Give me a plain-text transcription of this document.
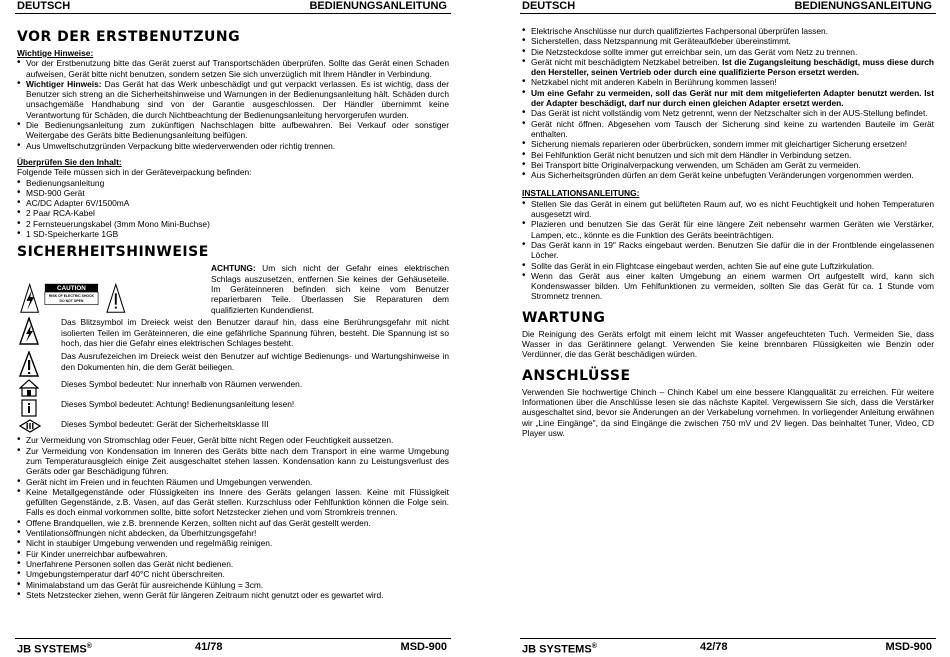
DEUTSCH	BEDIENUNGSANLEITUNG
VOR DER ERSTBENUTZUNG

Wichtige Hinweise:

• Vor der Erstbenutzung bitte das Gerät zuerst auf Transportschäden überprüfen. Sollte das Gerät einen Schaden aufweisen, Gerät bitte nicht benutzen, sondern setzen Sie sich unverzüglich mit Ihrem Händler in Verbindung.
• Wichtiger Hinweis: Das Gerät hat das Werk unbeschädigt und gut verpackt verlassen. Es ist wichtig, dass der Benutzer sich streng an die Sicherheitshinweise und Warnungen in der Bedienungsanleitung hält. Schäden durch unsachgemäße Handhabung sind von der Garantie ausgeschlossen. Der Händler übernimmt keine Verantwortung für Schäden, die durch Nichtbeachtung der Bedienungsanleitung hervorgerufen wurden.
• Die Bedienungsanleitung zum zukünftigen Nachschlagen bitte aufbewahren. Bei Verkauf oder sonstiger Weitergabe des Geräts bitte Bedienungsanleitung beifügen.
• Aus Umweltschutzgründen Verpackung bitte wiederverwenden oder richtig trennen.

Überprüfen Sie den Inhalt:

Folgende Teile müssen sich in der Geräteverpackung befinden:

• Bedienungsanleitung
• MSD-900 Gerät
• AC/DC Adapter 6V/1500mA
• 2 Paar RCA-Kabel
• 2 Fernsteuerungskabel (3mm Mono Mini-Buchse)
• 1 SD-Speicherkarte 1GB
SICHERHEITSHINWEISE
CAUTION
RISK OF ELECTRIC SHOCK
DO NOT OPEN

ACHTUNG: Um sich nicht der Gefahr eines elektrischen Schlags auszusetzen, entfernen Sie keines der Gehäuseteile. Im Geräteinneren befinden sich keine vom Benutzer reparierbaren Teile. Überlassen Sie Reparaturen dem qualifizierten Kundendienst.

Das Blitzsymbol im Dreieck weist den Benutzer darauf hin, dass eine Berührungsgefahr mit nicht isolierten Teilen im Geräteinneren, die eine gefährliche Spannung führen, besteht. Die Spannung ist so hoch, das hier die Gefahr eines elektrischen Schlages besteht.

Das Ausrufezeichen im Dreieck weist den Benutzer auf wichtige Bedienungs- und Wartungshinweise in den Dokumenten hin, die dem Gerät beiliegen.

Dieses Symbol bedeutet: Nur innerhalb von Räumen verwenden.

Dieses Symbol bedeutet: Achtung! Bedienungsanleitung lesen!

Dieses Symbol bedeutet: Gerät der Sicherheitsklasse III

• Zur Vermeidung von Stromschlag oder Feuer, Gerät bitte nicht Regen oder Feuchtigkeit aussetzen.
• Zur Vermeidung von Kondensation im Inneren des Geräts bitte nach dem Transport in eine warme Umgebung zum Temperaturausgleich einige Zeit ausgeschaltet stehen lassen. Kondensation kann zu Leistungsverlust des Geräts oder gar Beschädigung führen.
• Gerät nicht im Freien und in feuchten Räumen und Umgebungen verwenden.
• Keine Metallgegenstände oder Flüssigkeiten ins Innere des Geräts gelangen lassen. Keine mit Flüssigkeit gefüllten Gegenstände, z.B. Vasen, auf das Gerät stellen. Kurzschluss oder Fehlfunktion können die Folge sein. Falls es doch einmal vorkommen sollte, bitte sofort Netzstecker ziehen und vom Stromkreis trennen.
• Offene Brandquellen, wie z.B. brennende Kerzen, sollten nicht auf das Gerät gestellt werden.
• Ventilationsöffnungen nicht abdecken, da Überhitzungsgefahr!
• Nicht in staubiger Umgebung verwenden und regelmäßig reinigen.
• Für Kinder unerreichbar aufbewahren.
• Unerfahrene Personen sollen das Gerät nicht bedienen.
• Umgebungstemperatur darf 40°C nicht überschreiten.
• Minimalabstand um das Gerät für ausreichende Kühlung = 3cm.
• Stets Netzstecker ziehen, wenn Gerät für längeren Zeitraum nicht genutzt oder es gewartet wird.
JB SYSTEMS®	41/78	MSD-900
DEUTSCH	BEDIENUNGSANLEITUNG
• Elektrische Anschlüsse nur durch qualifiziertes Fachpersonal überprüfen lassen.
• Sicherstellen, dass Netzspannung mit Geräteaufkleber übereinstimmt.
• Die Netzsteckdose sollte immer gut erreichbar sein, um das Gerät vom Netz zu trennen.
• Gerät nicht mit beschädigtem Netzkabel betreiben. Ist die Zugangsleitung beschädigt, muss diese durch den Hersteller, seinen Vertrieb oder durch eine qualifizierte Person ersetzt werden.
• Netzkabel nicht mit anderen Kabeln in Berührung kommen lassen!
• Um eine Gefahr zu vermeiden, soll das Gerät nur mit dem mitgelieferten Adapter benutzt werden. Ist der Adapter beschädigt, darf nur durch einen gleichen Adapter ersetzt werden.
• Das Gerät ist nicht vollständig vom Netz getrennt, wenn der Netzschalter sich in der AUS-Stellung befindet.
• Gerät nicht öffnen. Abgesehen vom Tausch der Sicherung sind keine zu wartenden Bauteile im Gerät enthalten.
• Sicherung niemals reparieren oder überbrücken, sondern immer mit gleichartiger Sicherung ersetzen!
• Bei Fehlfunktion Gerät nicht benutzen und sich mit dem Händler in Verbindung setzen.
• Bei Transport bitte Originalverpackung verwenden, um Schäden am Gerät zu vermeiden.
• Aus Sicherheitsgründen dürfen an dem Gerät keine unbefugten Veränderungen vorgenommen werden.

INSTALLATIONSANLEITUNG:

• Stellen Sie das Gerät in einem gut belüfteten Raum auf, wo es nicht Feuchtigkeit und hohen Temperaturen ausgesetzt wird.
• Plazieren und benutzen Sie das Gerät für eine längere Zeit nebensehr warmen Geräten wie Verstärker, Lampen, etc., könnte es die Funktion des Geräts beeinträchtigen.
• Das Gerät kann in 19" Racks eingebaut werden. Benutzen Sie dafür die in der Frontblende eingelassenen Löcher.
• Sollte das Gerät in ein Flightcase eingebaut werden, achten Sie auf eine gute Luftzirkulation.
• Wenn das Gerät aus einer kalten Umgebung an einem warmen Ort aufgestellt wird, kann sich Kondenswasser bilden. Um Fehlfunktionen zu vermeiden, sollten Sie das Gerät für ca. 1 Stunde vom Stromnetz trennen.
WARTUNG

Die Reinigung des Geräts erfolgt mit einem leicht mit Wasser angefeuchteten Tuch. Vermeiden Sie, dass Wasser in das Gerätinnere gelangt. Verwenden Sie keine brennbaren Flüssigkeiten wie Benzin oder Verdünner, die das Gerät beschädigen würden.

ANSCHLÜSSE

Verwenden Sie hochwertige Chinch – Chinch Kabel um eine bessere Klangqualität zu erreichen. Für weitere Informationen über die Anschlüsse lesen sie das nächste Kapitel. Vergewissern Sie sich, dass die Verstärker ausgeschaltet sind, bevor sie Änderungen an der Verkabelung vornehmen. In vorliegender Anleitung erwähnen wir „Line Eingänge", da sind Eingänge die zwischen 750 mV und 2V liegen. Das beinhaltet Tuner, Video, CD Player usw.

JB SYSTEMS®	42/78	MSD-900
